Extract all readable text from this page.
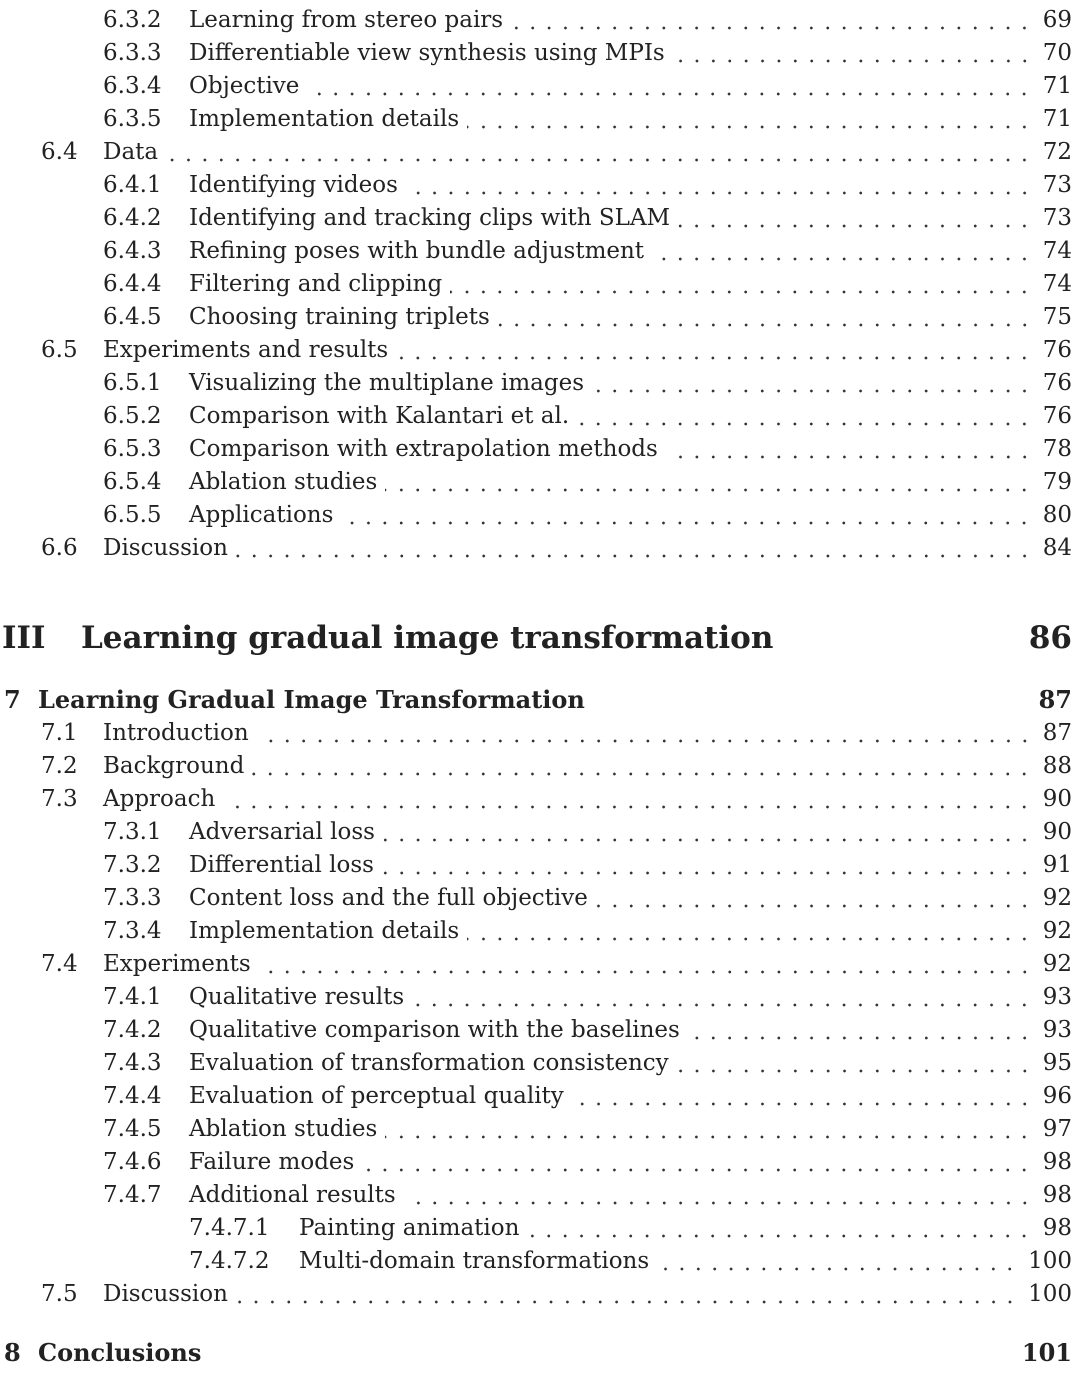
6.3.2	Learning from stereo pairs	69
6.3.3	Differentiable view synthesis using MPIs	70
6.3.4	Objective	71
6.3.5	Implementation details	71
6.4	Data	72
6.4.1	Identifying videos	73
6.4.2	Identifying and tracking clips with SLAM	73
6.4.3	Refining poses with bundle adjustment	74
6.4.4	Filtering and clipping	74
6.4.5	Choosing training triplets	75
6.5	Experiments and results	76
6.5.1	Visualizing the multiplane images	76
6.5.2	Comparison with Kalantari et al.	76
6.5.3	Comparison with extrapolation methods	78
6.5.4	Ablation studies	79
6.5.5	Applications	80
6.6	Discussion	84
III	Learning gradual image transformation	86
7 Learning Gradual Image Transformation	87
7.1	Introduction	87
7.2	Background	88
7.3	Approach	90
7.3.1	Adversarial loss	90
7.3.2	Differential loss	91
7.3.3	Content loss and the full objective	92
7.3.4	Implementation details	92
7.4	Experiments	92
7.4.1	Qualitative results	93
7.4.2	Qualitative comparison with the baselines	93
7.4.3	Evaluation of transformation consistency	95
7.4.4	Evaluation of perceptual quality	96
7.4.5	Ablation studies	97
7.4.6	Failure modes	98
7.4.7	Additional results	98
7.4.7.1	Painting animation	98
7.4.7.2	Multi-domain transformations	100
7.5	Discussion	100
8 Conclusions	101
